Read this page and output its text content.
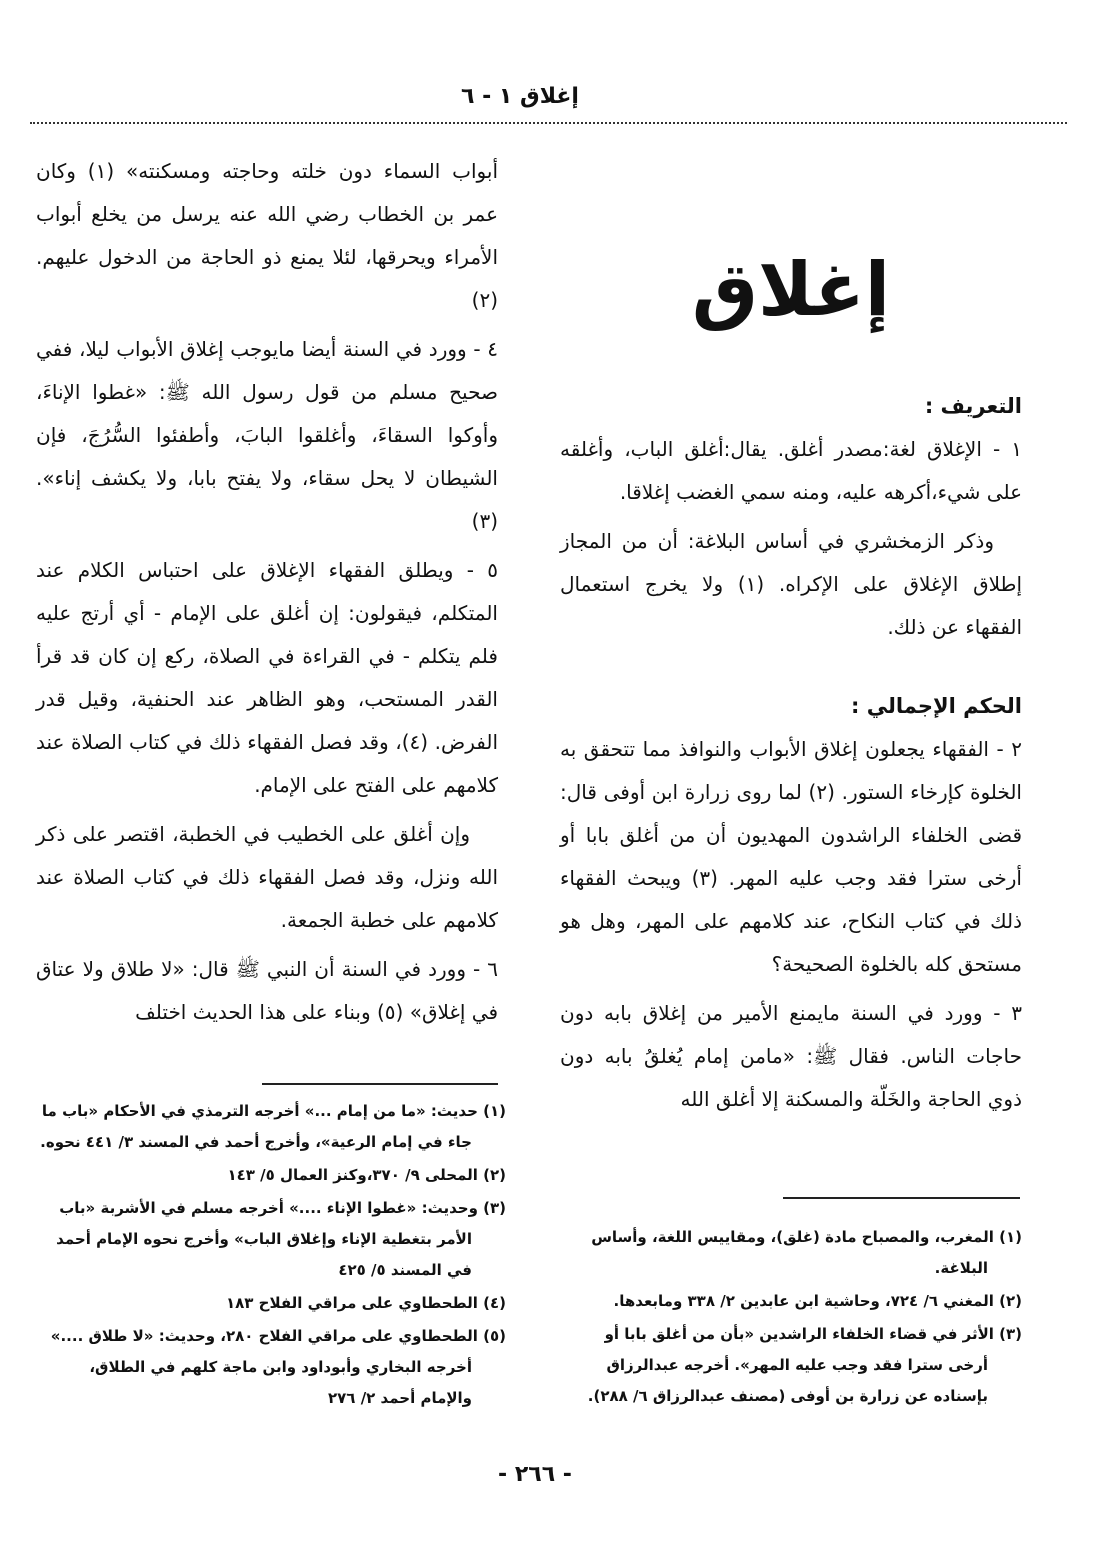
إغلاق ١ - ٦
إغلاق
التعريف :

١ - الإغلاق لغة:مصدر أغلق. يقال:أغلق الباب، وأغلقه على شيء،أكرهه عليه، ومنه سمي الغضب إغلاقا.

وذكر الزمخشري في أساس البلاغة: أن من المجاز إطلاق الإغلاق على الإكراه. (١) ولا يخرج استعمال الفقهاء عن ذلك.

الحكم الإجمالي :

٢ - الفقهاء يجعلون إغلاق الأبواب والنوافذ مما تتحقق به الخلوة كإرخاء الستور. (٢) لما روى زرارة ابن أوفى قال: قضى الخلفاء الراشدون المهديون أن من أغلق بابا أو أرخى سترا فقد وجب عليه المهر. (٣) ويبحث الفقهاء ذلك في كتاب النكاح، عند كلامهم على المهر، وهل هو مستحق كله بالخلوة الصحيحة؟

٣ - وورد في السنة مايمنع الأمير من إغلاق بابه دون حاجات الناس. فقال ﷺ: «مامن إمام يُغلقُ بابه دون ذوي الحاجة والخَلّة والمسكنة إلا أغلق الله

أبواب السماء دون خلته وحاجته ومسكنته» (١) وكان عمر بن الخطاب رضي الله عنه يرسل من يخلع أبواب الأمراء ويحرقها، لئلا يمنع ذو الحاجة من الدخول عليهم. (٢)

٤ - وورد في السنة أيضا مايوجب إغلاق الأبواب ليلا، ففي صحيح مسلم من قول رسول الله ﷺ: «غطوا الإناءَ، وأوكوا السقاءَ، وأغلقوا البابَ، وأطفئوا السُّرُجَ، فإن الشيطان لا يحل سقاء، ولا يفتح بابا، ولا يكشف إناء». (٣)

٥ - ويطلق الفقهاء الإغلاق على احتباس الكلام عند المتكلم، فيقولون: إن أغلق على الإمام - أي أرتج عليه فلم يتكلم - في القراءة في الصلاة، ركع إن كان قد قرأ القدر المستحب، وهو الظاهر عند الحنفية، وقيل قدر الفرض. (٤)، وقد فصل الفقهاء ذلك في كتاب الصلاة عند كلامهم على الفتح على الإمام.

وإن أغلق على الخطيب في الخطبة، اقتصر على ذكر الله ونزل، وقد فصل الفقهاء ذلك في كتاب الصلاة عند كلامهم على خطبة الجمعة.

٦ - وورد في السنة أن النبي ﷺ قال: «لا طلاق ولا عتاق في إغلاق» (٥) وبناء على هذا الحديث اختلف

(١) حديث: «ما من إمام ...» أخرجه الترمذي في الأحكام «باب ما جاء في إمام الرعية»، وأخرج أحمد في المسند ٣/ ٤٤١ نحوه.
(٢) المحلى ٩/ ٣٧٠،وكنز العمال ٥/ ١٤٣
(٣) وحديث: «غطوا الإناء ....» أخرجه مسلم في الأشربة «باب الأمر بتغطية الإناء وإغلاق الباب» وأخرج نحوه الإمام أحمد في المسند ٥/ ٤٢٥
(٤) الطحطاوي على مراقي الفلاح ١٨٣
(٥) الطحطاوي على مراقي الفلاح ٢٨٠، وحديث: «لا طلاق ....» أخرجه البخاري وأبوداود وابن ماجة كلهم في الطلاق، والإمام أحمد ٢/ ٢٧٦
(١) المغرب، والمصباح مادة (غلق)، ومقاييس اللغة، وأساس البلاغة.
(٢) المغني ٦/ ٧٢٤، وحاشية ابن عابدين ٢/ ٣٣٨ ومابعدها.
(٣) الأثر في قضاء الخلفاء الراشدين «بأن من أغلق بابا أو أرخى سترا فقد وجب عليه المهر». أخرجه عبدالرزاق بإسناده عن زرارة بن أوفى (مصنف عبدالرزاق ٦/ ٢٨٨).
- ٢٦٦ -
